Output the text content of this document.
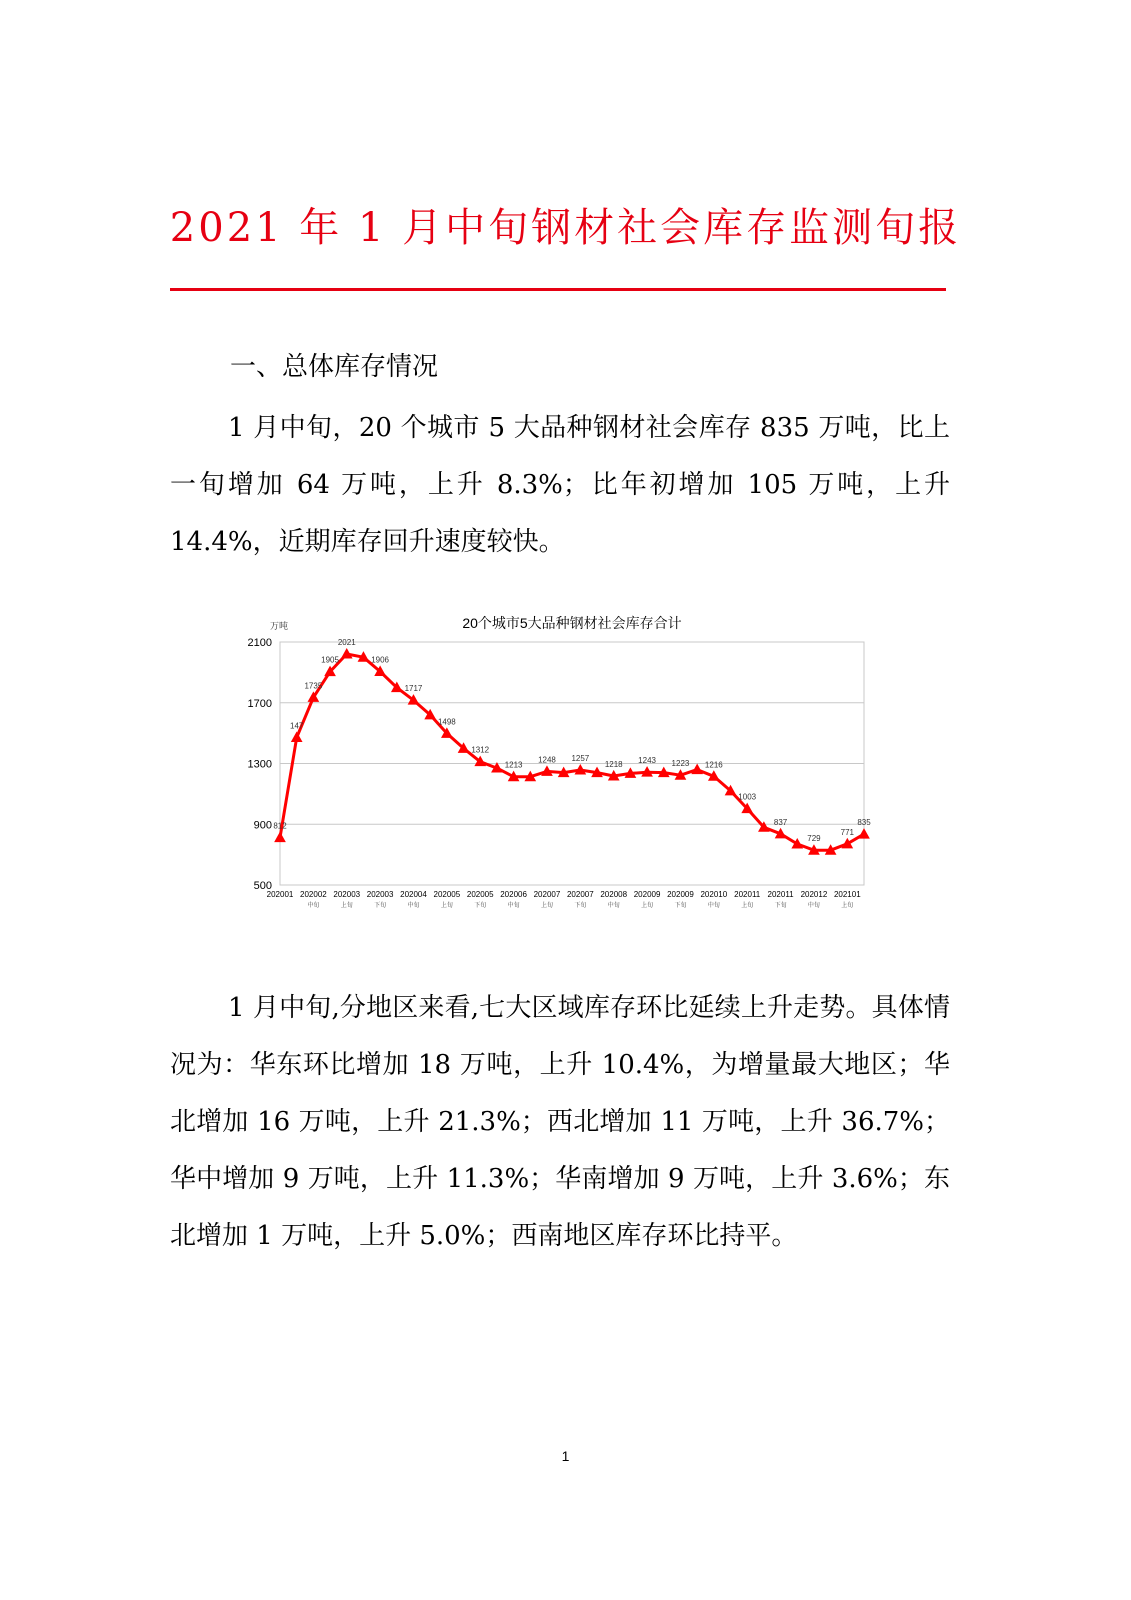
2021 年 1 月中旬钢材社会库存监测旬报
一、总体库存情况

1 月中旬，20 个城市 5 大品种钢材社会库存 835 万吨，比上一旬增加 64 万吨，上升 8.3%；比年初增加 105 万吨，上升 14.4%，近期库存回升速度较快。

20个城市5大品种钢材社会库存合计
万吨
500
900
1300
1700
2100
202001 202002
中旬
202003
上旬
202003
下旬
202004
中旬
202005
上旬
202005
下旬
202006
中旬
202007
上旬
202007
下旬
202008
中旬
202009
上旬
202009
下旬
202010
中旬
202011
上旬
202011
下旬
202012
中旬
202101
上旬
812
147
1735
1905
2021
1906
1717
1498
1312
1213
1248 1257
1218 1243 1223 1216
1003
837
729
771
835

1 月中旬,分地区来看,七大区域库存环比延续上升走势。具体情况为：华东环比增加 18 万吨，上升 10.4%，为增量最大地区；华北增加 16 万吨，上升 21.3%；西北增加 11 万吨，上升 36.7%；华中增加 9 万吨，上升 11.3%；华南增加 9 万吨，上升 3.6%；东北增加 1 万吨，上升 5.0%；西南地区库存环比持平。

1
